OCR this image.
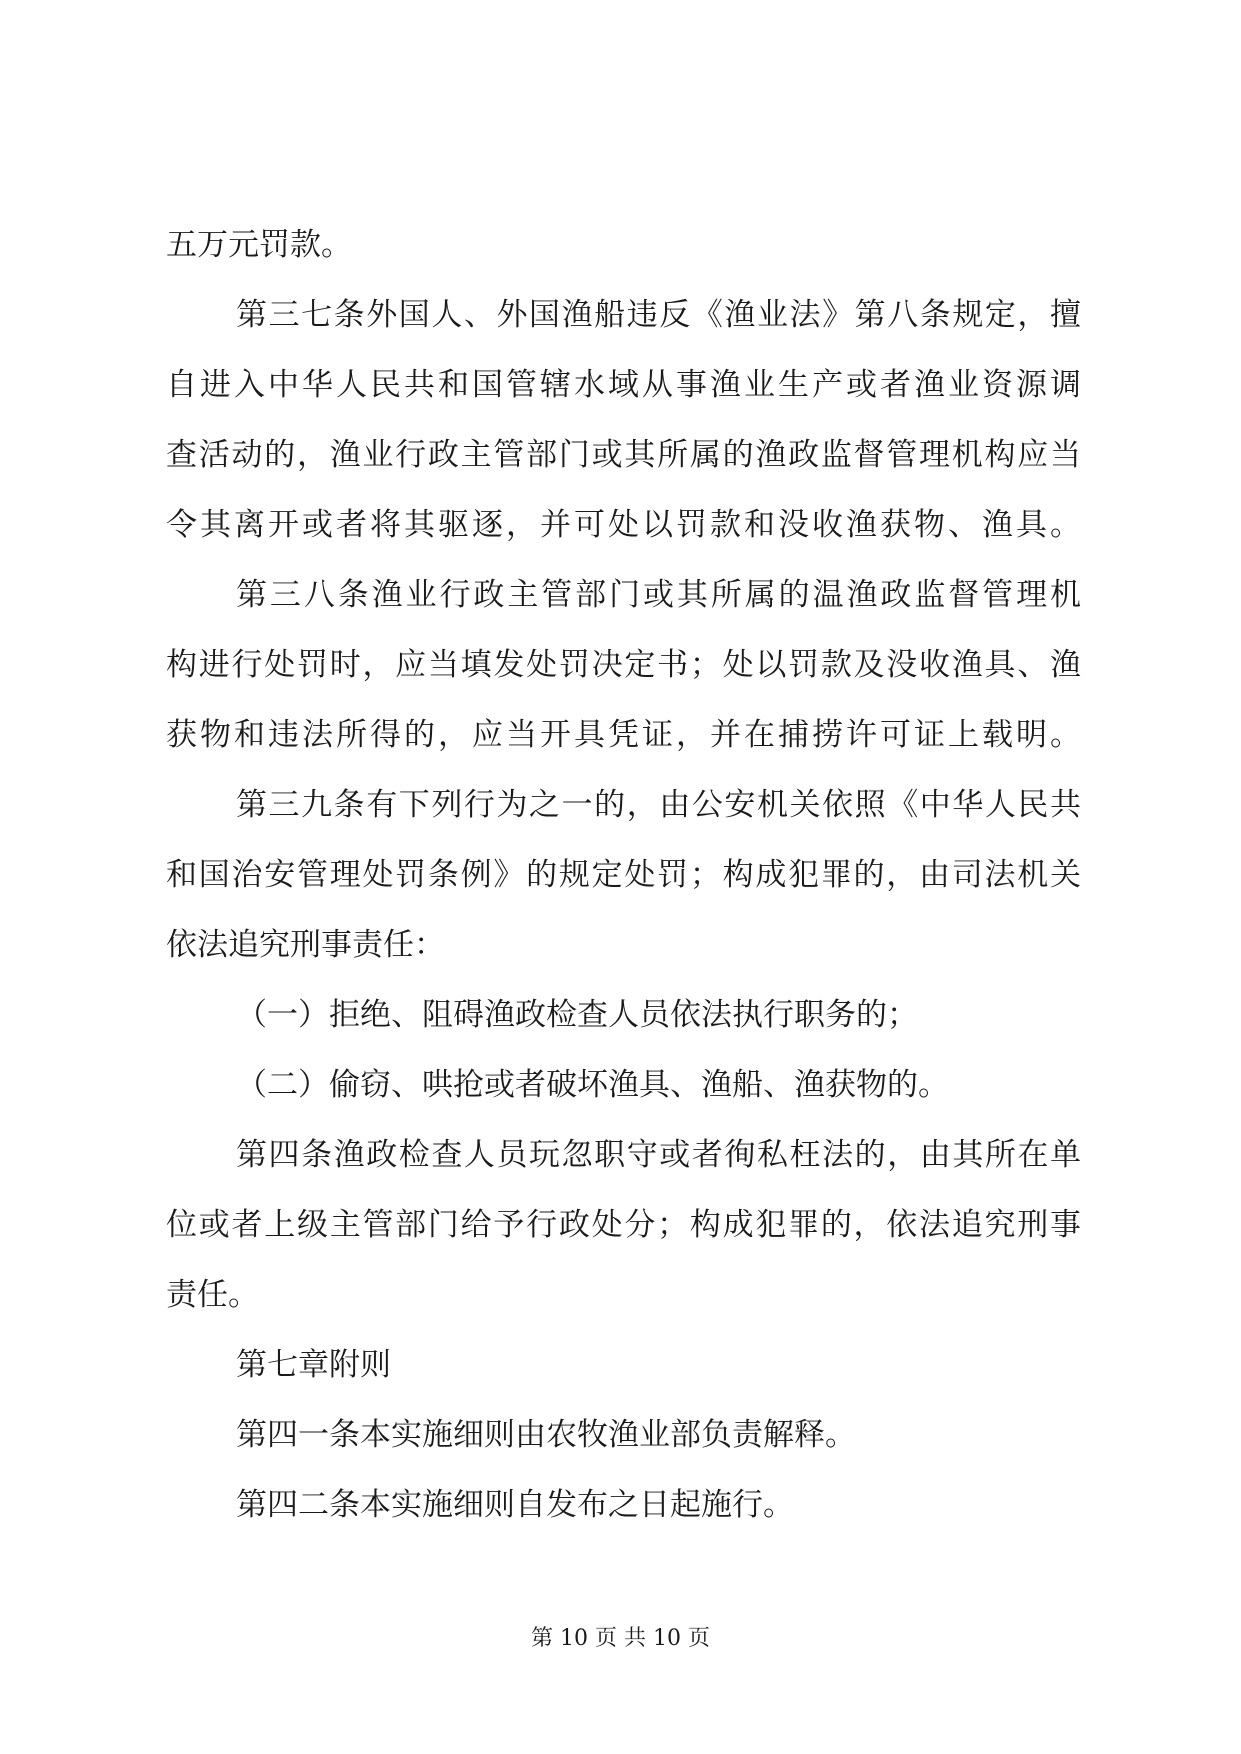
五万元罚款。
第三七条外国人、外国渔船违反《渔业法》第八条规定，擅
自进入中华人民共和国管辖水域从事渔业生产或者渔业资源调
查活动的，渔业行政主管部门或其所属的渔政监督管理机构应当
令其离开或者将其驱逐，并可处以罚款和没收渔获物、渔具。
第三八条渔业行政主管部门或其所属的温渔政监督管理机
构进行处罚时，应当填发处罚决定书；处以罚款及没收渔具、渔
获物和违法所得的，应当开具凭证，并在捕捞许可证上载明。
第三九条有下列行为之一的，由公安机关依照《中华人民共
和国治安管理处罚条例》的规定处罚；构成犯罪的，由司法机关
依法追究刑事责任：
（一）拒绝、阻碍渔政检查人员依法执行职务的；
（二）偷窃、哄抢或者破坏渔具、渔船、渔获物的。
第四条渔政检查人员玩忽职守或者徇私枉法的，由其所在单
位或者上级主管部门给予行政处分；构成犯罪的，依法追究刑事
责任。
第七章附则
第四一条本实施细则由农牧渔业部负责解释。
第四二条本实施细则自发布之日起施行。
第 10 页 共 10 页
